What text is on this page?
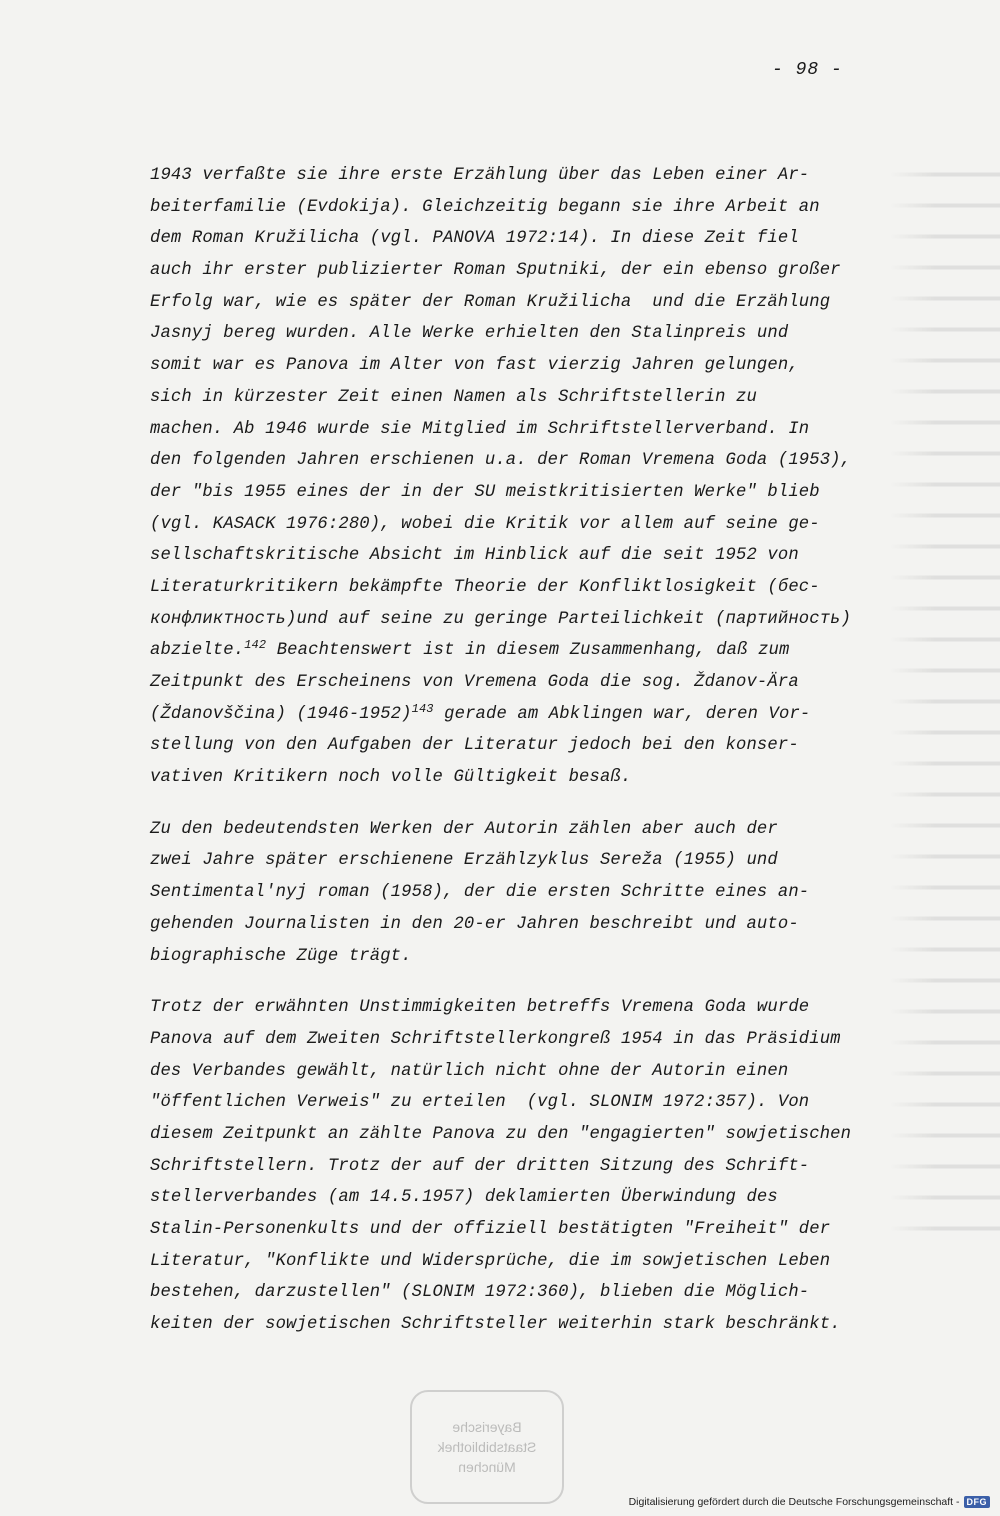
- 98 -
1943 verfaßte sie ihre erste Erzählung über das Leben einer Ar-
beiterfamilie (Evdokija). Gleichzeitig begann sie ihre Arbeit an
dem Roman Kružilicha (vgl. PANOVA 1972:14). In diese Zeit fiel
auch ihr erster publizierter Roman Sputniki, der ein ebenso großer
Erfolg war, wie es später der Roman Kružilicha  und die Erzählung
Jasnyj bereg wurden. Alle Werke erhielten den Stalinpreis und
somit war es Panova im Alter von fast vierzig Jahren gelungen,
sich in kürzester Zeit einen Namen als Schriftstellerin zu
machen. Ab 1946 wurde sie Mitglied im Schriftstellerverband. In
den folgenden Jahren erschienen u.a. der Roman Vremena Goda (1953),
der "bis 1955 eines der in der SU meistkritisierten Werke" blieb
(vgl. KASACK 1976:280), wobei die Kritik vor allem auf seine ge-
sellschaftskritische Absicht im Hinblick auf die seit 1952 von
Literaturkritikern bekämpfte Theorie der Konfliktlosigkeit (бес-
конфликтность)und auf seine zu geringe Parteilichkeit (партийность)
abzielte.$^{142}$ Beachtenswert ist in diesem Zusammenhang, daß zum
Zeitpunkt des Erscheinens von Vremena Goda die sog. Ždanov-Ära
(Ždanovščina) (1946-1952)$^{143}$ gerade am Abklingen war, deren Vor-
stellung von den Aufgaben der Literatur jedoch bei den konser-
vativen Kritikern noch volle Gültigkeit besaß.
Zu den bedeutendsten Werken der Autorin zählen aber auch der
zwei Jahre später erschienene Erzählzyklus Sereža (1955) und
Sentimental'nyj roman (1958), der die ersten Schritte eines an-
gehenden Journalisten in den 20-er Jahren beschreibt und auto-
biographische Züge trägt.
Trotz der erwähnten Unstimmigkeiten betreffs Vremena Goda wurde
Panova auf dem Zweiten Schriftstellerkongreß 1954 in das Präsidium
des Verbandes gewählt, natürlich nicht ohne der Autorin einen
"öffentlichen Verweis" zu erteilen  (vgl. SLONIM 1972:357). Von
diesem Zeitpunkt an zählte Panova zu den "engagierten" sowjetischen
Schriftstellern. Trotz der auf der dritten Sitzung des Schrift-
stellerverbandes (am 14.5.1957) deklamierten Überwindung des
Stalin-Personenkults und der offiziell bestätigten "Freiheit" der
Literatur, "Konflikte und Widersprüche, die im sowjetischen Leben
bestehen, darzustellen" (SLONIM 1972:360), blieben die Möglich-
keiten der sowjetischen Schriftsteller weiterhin stark beschränkt.
Bayerische
Staatsbibliothek
München
Digitalisierung gefördert durch die Deutsche Forschungsgemeinschaft - DFG
